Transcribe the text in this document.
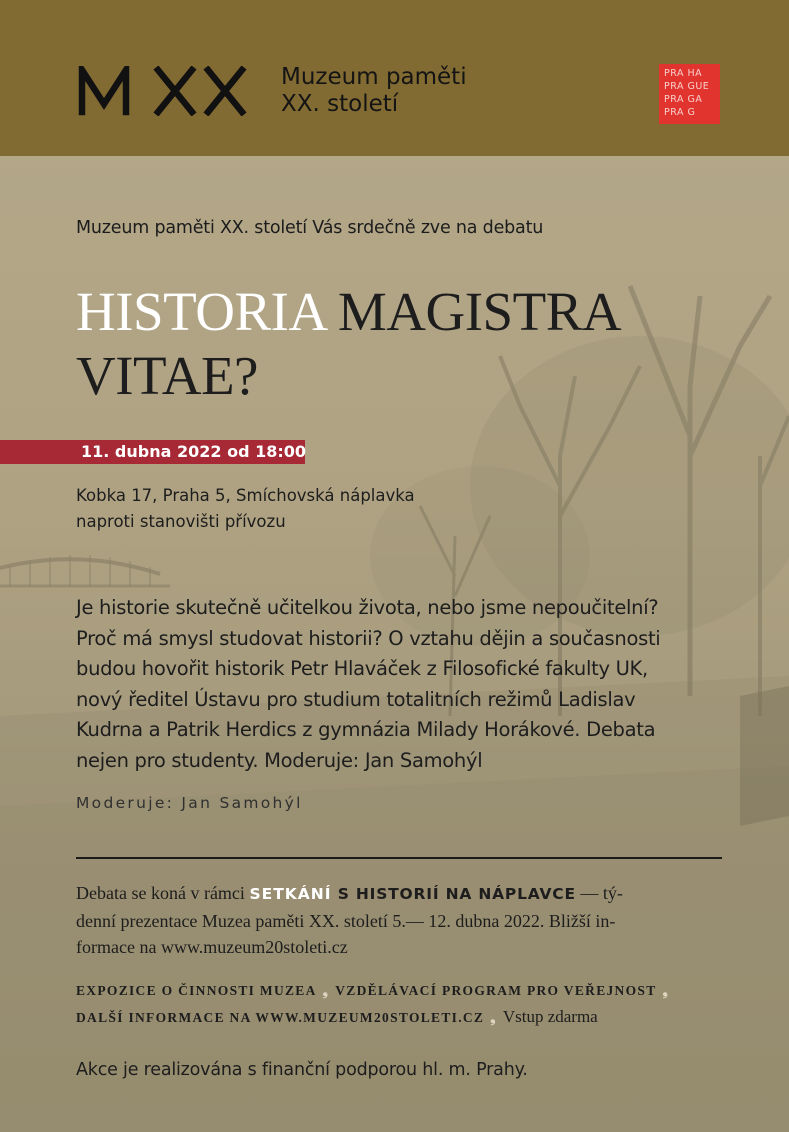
Muzeum paměti
XX. století
PRA HA
PRA GUE
PRA GA
PRA G
Muzeum paměti XX. století Vás srdečně zve na debatu
HISTORIA MAGISTRA
VITAE?
11. dubna 2022 od 18:00
Kobka 17, Praha 5, Smíchovská náplavka
naproti stanovišti přívozu
Je historie skutečně učitelkou života, nebo jsme nepoučitelní?
Proč má smysl studovat historii? O vztahu dějin a současnosti
budou hovořit historik Petr Hlaváček z Filosofické fakulty UK,
nový ředitel Ústavu pro studium totalitních režimů Ladislav
Kudrna a Patrik Herdics z gymnázia Milady Horákové. Debata
nejen pro studenty. Moderuje: Jan Samohýl
Moderuje: Jan Samohýl
Debata se koná v rámci SETKÁNÍ S HISTORIÍ NA NÁPLAVCE — tý-
denní prezentace Muzea paměti XX. století 5.— 12. dubna 2022. Bližší in-
formace na www.muzeum20stoleti.cz
EXPOZICE O ČINNOSTI MUZEA ❟ VZDĚLÁVACÍ PROGRAM PRO VEŘEJNOST ❟
DALŠÍ INFORMACE NA WWW.MUZEUM20STOLETI.CZ ❟ Vstup zdarma
Akce je realizována s finanční podporou hl. m. Prahy.
